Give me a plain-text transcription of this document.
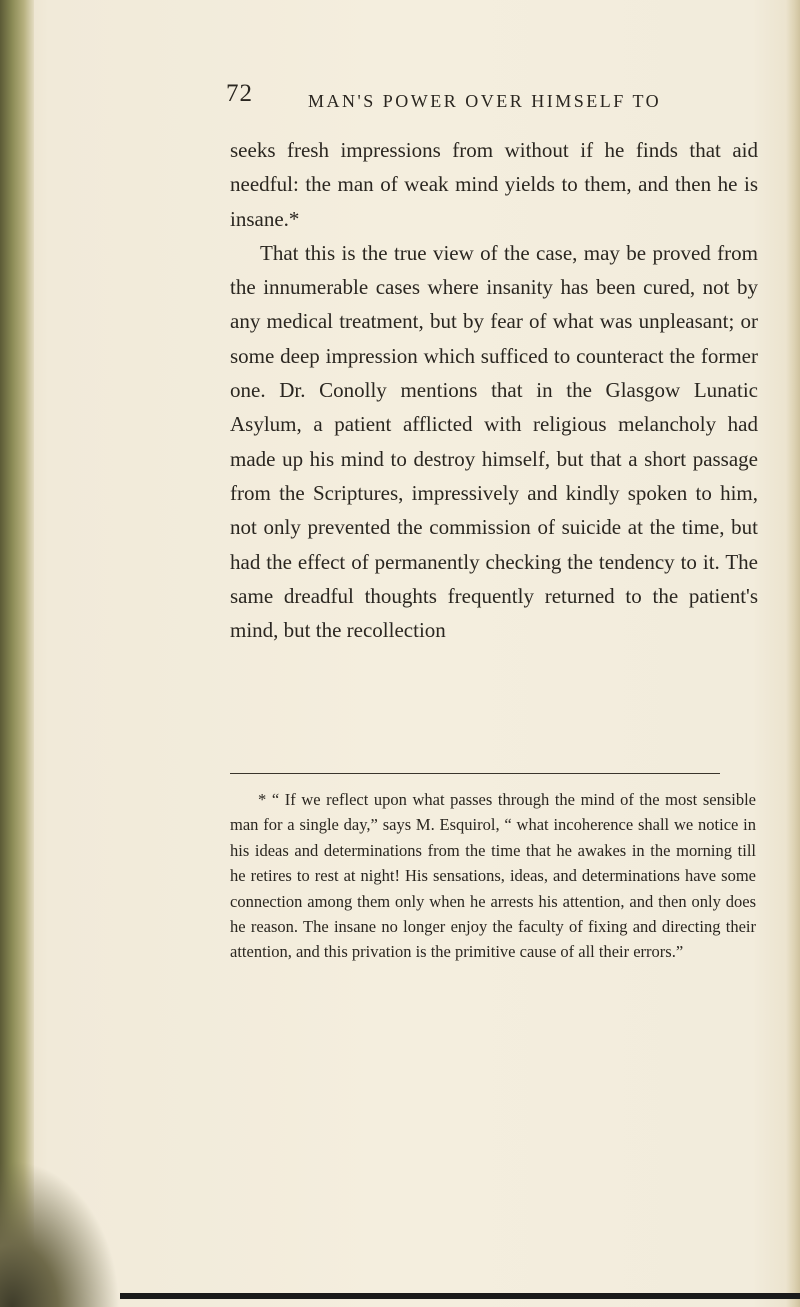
72	MAN'S POWER OVER HIMSELF TO

seeks fresh impressions from without if he finds that aid needful: the man of weak mind yields to them, and then he is insane.*

That this is the true view of the case, may be proved from the innumerable cases where insanity has been cured, not by any medical treatment, but by fear of what was unpleasant; or some deep impression which sufficed to counteract the former one. Dr. Conolly mentions that in the Glasgow Lunatic Asylum, a patient afflicted with religious melancholy had made up his mind to destroy himself, but that a short passage from the Scriptures, impressively and kindly spoken to him, not only prevented the commission of suicide at the time, but had the effect of permanently checking the tendency to it. The same dreadful thoughts frequently returned to the patient's mind, but the recollection

* “ If we reflect upon what passes through the mind of the most sensible man for a single day,” says M. Esquirol, “ what incoherence shall we notice in his ideas and determinations from the time that he awakes in the morning till he retires to rest at night! His sensations, ideas, and determinations have some connection among them only when he arrests his attention, and then only does he reason. The insane no longer enjoy the faculty of fixing and directing their attention, and this privation is the primitive cause of all their errors.”
